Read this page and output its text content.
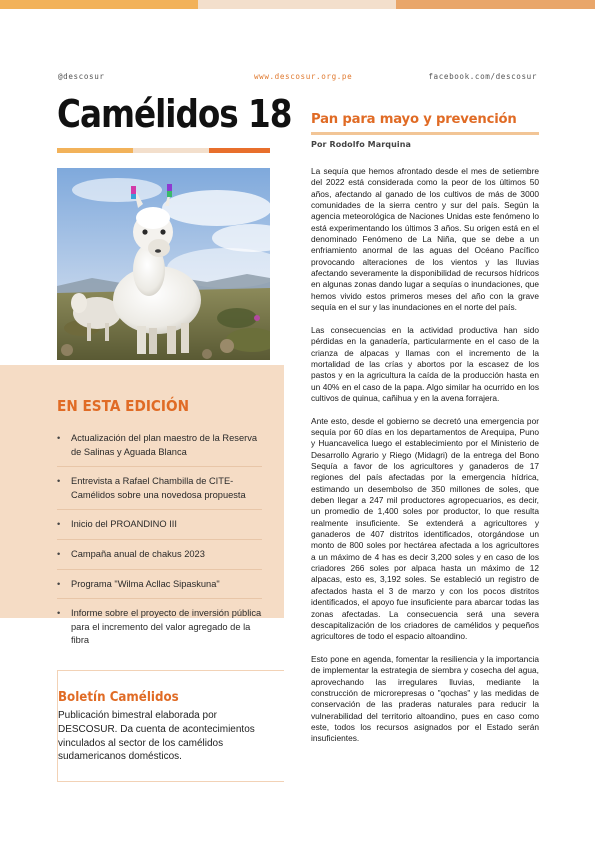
@descosur	www.descosur.org.pe	facebook.com/descosur
Camélidos 18
EN ESTA EDICIÓN
• Actualización del plan maestro de la Reserva de Salinas y Aguada Blanca
• Entrevista a Rafael Chambilla de CITE-Camélidos sobre una novedosa propuesta
• Inicio del PROANDINO III
• Campaña anual de chakus 2023
• Programa "Wilma Acllac Sipaskuna"
• Informe sobre el proyecto de inversión pública para el incremento del valor agregado de la fibra
Boletín Camélidos
Publicación bimestral elaborada por DESCOSUR. Da cuenta de acontecimientos vinculados al sector de los camélidos sudamericanos domésticos.
Pan para mayo y prevención
Por Rodolfo Marquina

La sequía que hemos afrontado desde el mes de setiembre del 2022 está considerada como la peor de los últimos 50 años, afectando al ganado de los cultivos de más de 3000 comunidades de la sierra centro y sur del país. Según la agencia meteorológica de Naciones Unidas este fenómeno lo está experimentando los últimos 3 años. Su origen está en el denominado Fenómeno de La Niña, que se debe a un enfriamiento anormal de las aguas del Océano Pacífico provocando alteraciones de los vientos y las lluvias afectando severamente la disponibilidad de recursos hídricos en algunas zonas dando lugar a sequías o inundaciones, que hemos vivido estos primeros meses del año con la grave sequía en el sur y las inundaciones en el norte del país.

Las consecuencias en la actividad productiva han sido pérdidas en la ganadería, particularmente en el caso de la crianza de alpacas y llamas con el incremento de la mortalidad de las crías y abortos por la escasez de los pastos y en la agricultura la caída de la producción hasta en un 40% en el caso de la papa. Algo similar ha ocurrido en los cultivos de quinua, cañihua y en la avena forrajera.

Ante esto, desde el gobierno se decretó una emergencia por sequía por 60 días en los departamentos de Arequipa, Puno y Huancavelica luego el establecimiento por el Ministerio de Desarrollo Agrario y Riego (Midagri) de la entrega del Bono Sequía a favor de los agricultores y ganaderos de 17 regiones del país afectadas por la emergencia hídrica, estimando un desembolso de 350 millones de soles, que deben llegar a 247 mil productores agropecuarios, es decir, un promedio de 1,400 soles por productor, lo que resulta realmente insuficiente. Se extenderá a agricultores y ganaderos de 407 distritos identificados, otorgándose un monto de 800 soles por hectárea afectada a los agricultores a un máximo de 4 has es decir 3,200 soles y en caso de los criadores 266 soles por alpaca hasta un máximo de 12 alpacas, esto es, 3,192 soles. Se estableció un registro de afectados hasta el 3 de marzo y con los pocos distritos identificados, el apoyo fue insuficiente para abarcar todas las zonas afectadas. La consecuencia será una severa descapitalización de los criadores de camélidos y pequeños agricultores de todo el espacio altoandino.

Esto pone en agenda, fomentar la resiliencia y la importancia de implementar la estrategia de siembra y cosecha del agua, aprovechando las irregulares lluvias, mediante la construcción de microrepresas o "qochas" y las medidas de conservación de las praderas naturales para reducir la vulnerabilidad del territorio altoandino, pues en caso como este, todos los recursos asignados por el Estado serán insuficientes.
